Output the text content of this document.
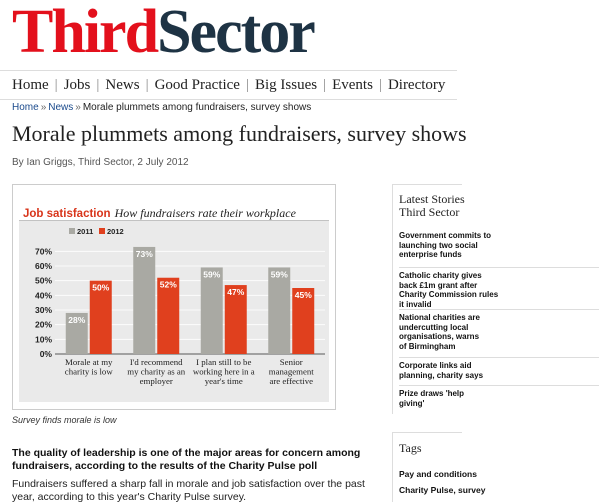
ThirdSector
Home | Jobs | News | Good Practice | Big Issues | Events | Directory
Home » News » Morale plummets among fundraisers, survey shows
Morale plummets among fundraisers, survey shows
By Ian Griggs, Third Sector, 2 July 2012
Job satisfaction How fundraisers rate their workplace
2011 2012
0%
10%
20%
30%
40%
50%
60%
70%
28%
50%
73%
52%
59%
47%
59%
45%
Morale at my
charity is low
I'd recommend
my charity as an
employer
I plan still to be
working here in a
year's time
Senior
management
are effective
Survey finds morale is low

The quality of leadership is one of the major areas for concern among fundraisers, according to the results of the Charity Pulse poll

Fundraisers suffered a sharp fall in morale and job satisfaction over the past year, according to this year's Charity Pulse survey.

Latest Stories
Third Sector
Government commits to
launching two social
enterprise funds
Catholic charity gives
back £1m grant after
Charity Commission rules
it invalid
National charities are
undercutting local
organisations, warns
of Birmingham
Corporate links aid
planning, charity says
Prize draws 'help
giving'
Tags
Pay and conditions
Charity Pulse, survey
